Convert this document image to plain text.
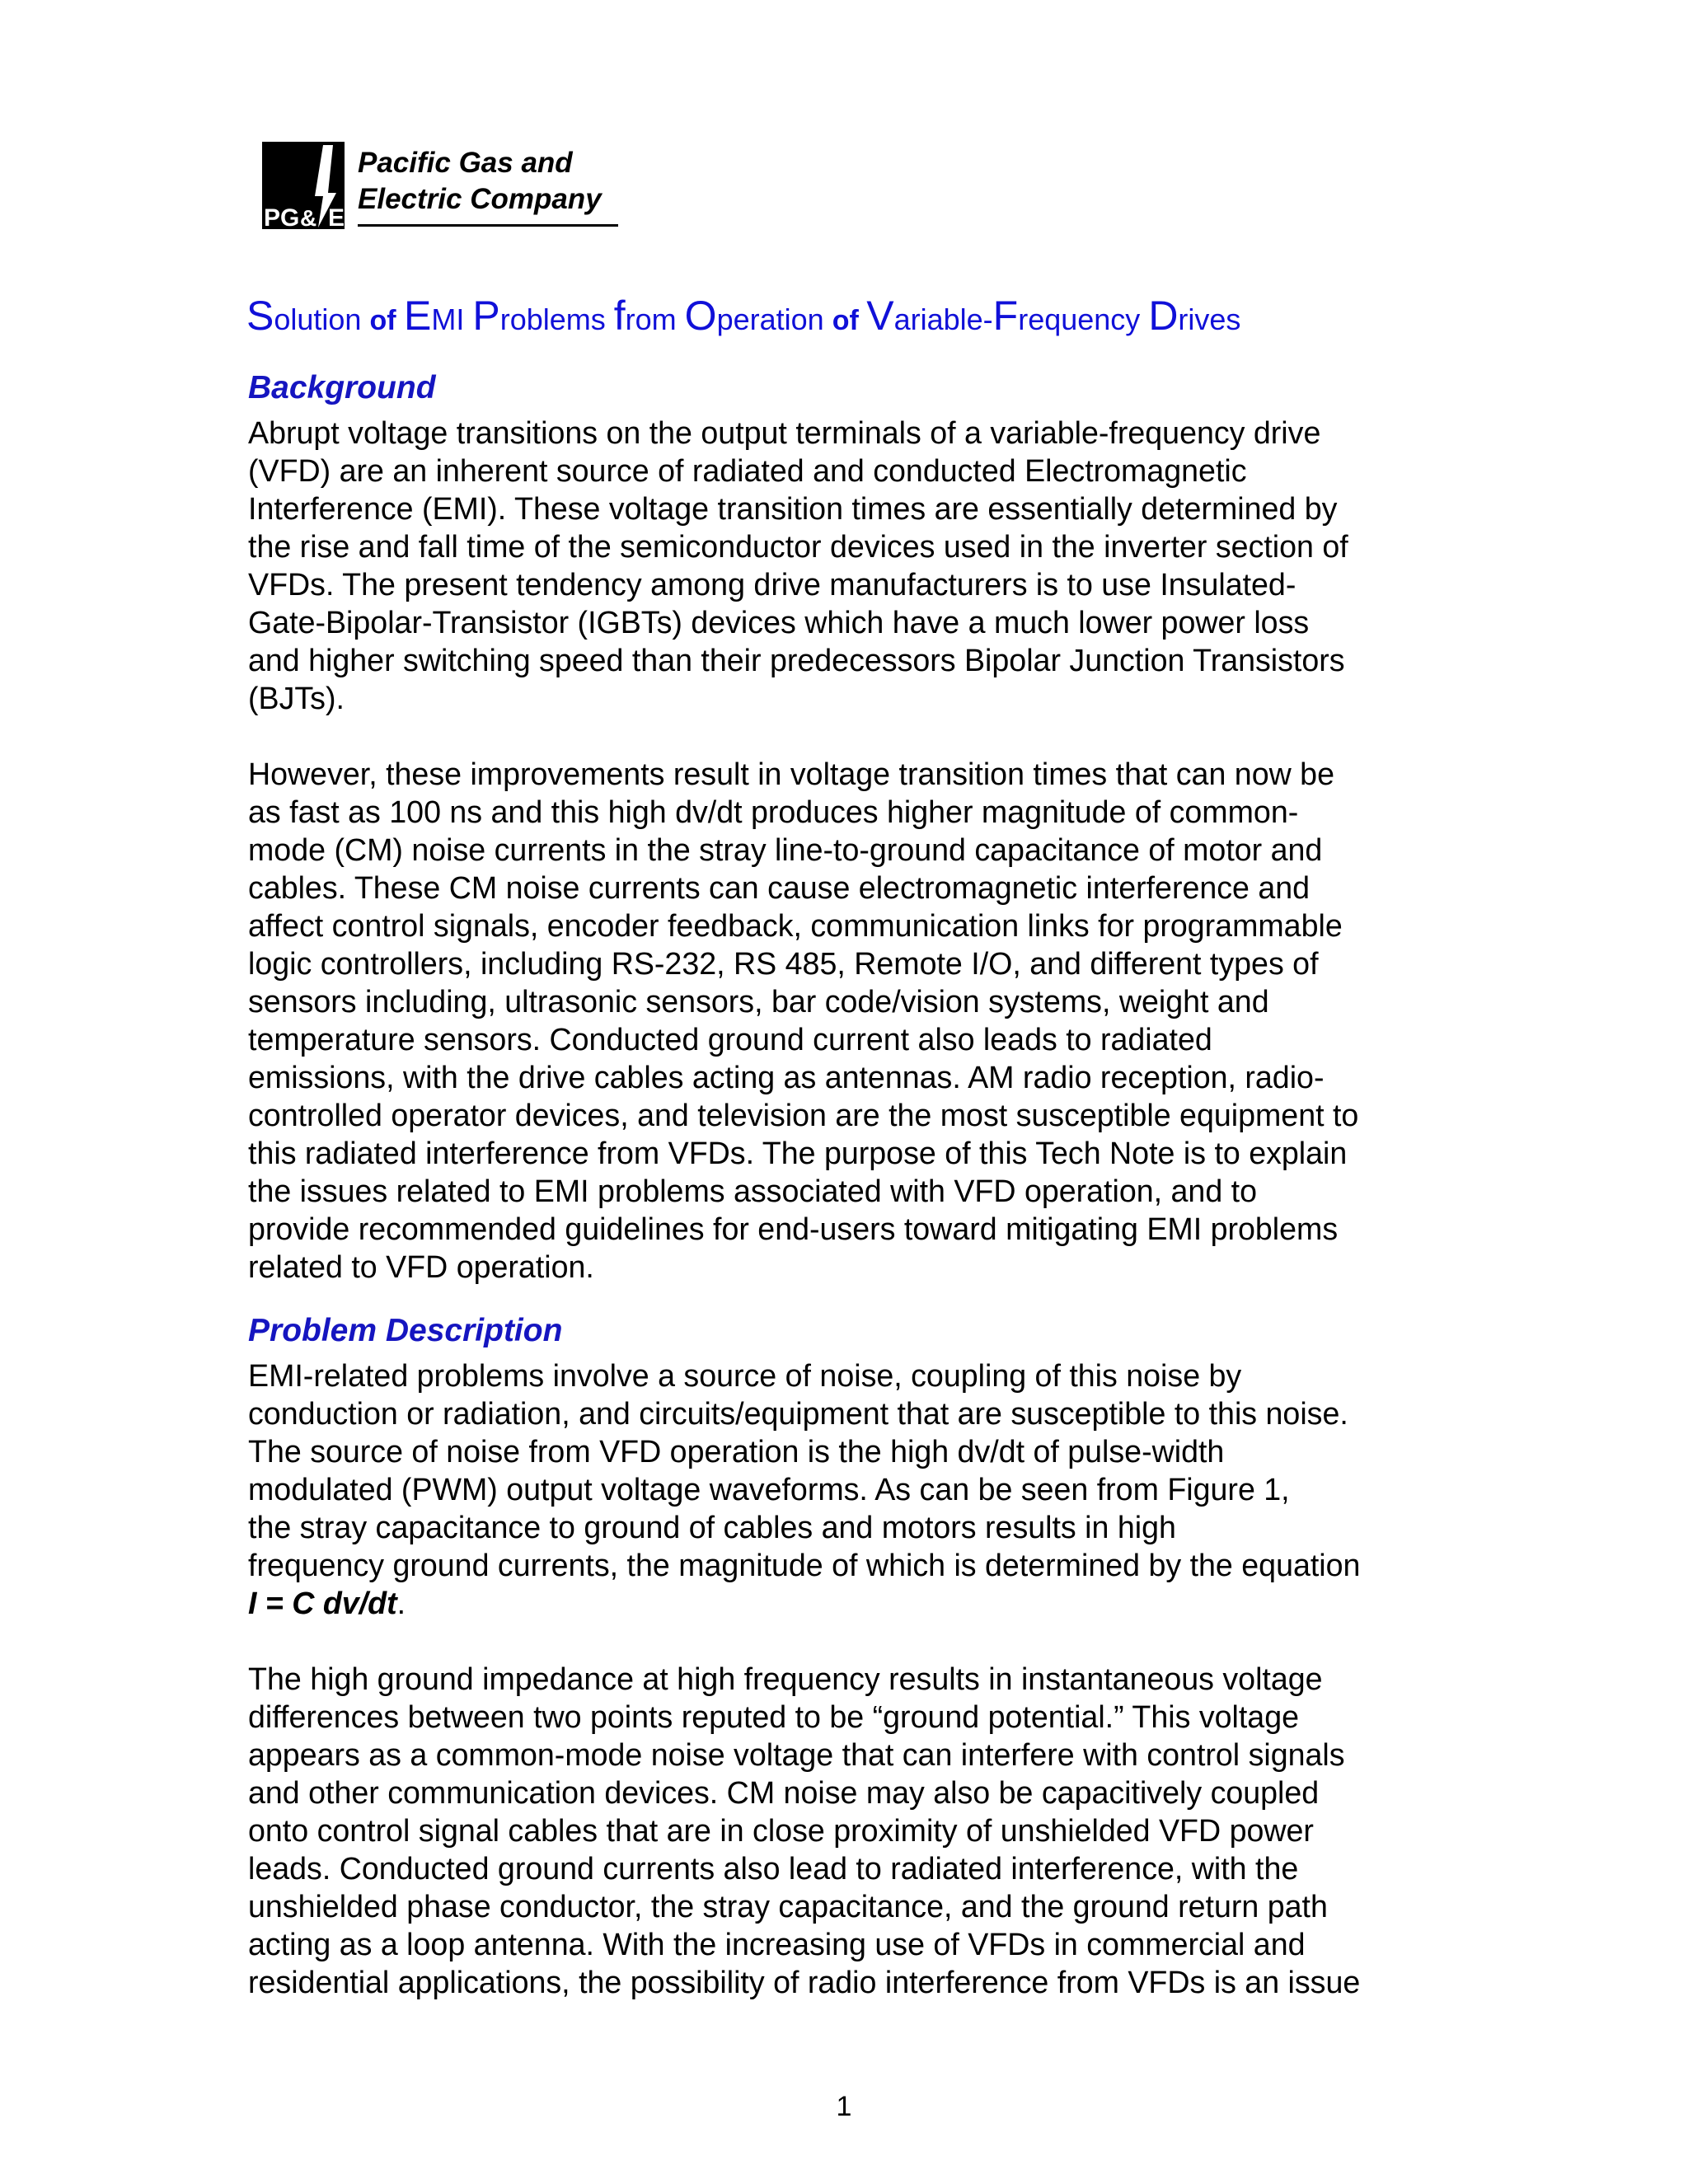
PG & E
Pacific Gas and
Electric Company
Solution of EMI Problems from Operation of Variable-Frequency Drives
Background
Abrupt voltage transitions on the output terminals of a variable-frequency drive
(VFD) are an inherent source of radiated and conducted Electromagnetic
Interference (EMI). These voltage transition times are essentially determined by
the rise and fall time of the semiconductor devices used in the inverter section of
VFDs. The present tendency among drive manufacturers is to use Insulated-
Gate-Bipolar-Transistor (IGBTs) devices which have a much lower power loss
and higher switching speed than their predecessors Bipolar Junction Transistors
(BJTs).
However, these improvements result in voltage transition times that can now be
as fast as 100 ns and this high dv/dt produces higher magnitude of common-
mode (CM) noise currents in the stray line-to-ground capacitance of motor and
cables. These CM noise currents can cause electromagnetic interference and
affect control signals, encoder feedback, communication links for programmable
logic controllers, including RS-232, RS 485, Remote I/O, and different types of
sensors including, ultrasonic sensors, bar code/vision systems, weight and
temperature sensors. Conducted ground current also leads to radiated
emissions, with the drive cables acting as antennas. AM radio reception, radio-
controlled operator devices, and television are the most susceptible equipment to
this radiated interference from VFDs. The purpose of this Tech Note is to explain
the issues related to EMI problems associated with VFD operation, and to
provide recommended guidelines for end-users toward mitigating EMI problems
related to VFD operation.
Problem Description
EMI-related problems involve a source of noise, coupling of this noise by
conduction or radiation, and circuits/equipment that are susceptible to this noise.
The source of noise from VFD operation is the high dv/dt of pulse-width
modulated (PWM) output voltage waveforms. As can be seen from Figure 1,
the stray capacitance to ground of cables and motors results in high
frequency ground currents, the magnitude of which is determined by the equation
I = C dv/dt.
The high ground impedance at high frequency results in instantaneous voltage
differences between two points reputed to be “ground potential.” This voltage
appears as a common-mode noise voltage that can interfere with control signals
and other communication devices. CM noise may also be capacitively coupled
onto control signal cables that are in close proximity of unshielded VFD power
leads. Conducted ground currents also lead to radiated interference, with the
unshielded phase conductor, the stray capacitance, and the ground return path
acting as a loop antenna. With the increasing use of VFDs in commercial and
residential applications, the possibility of radio interference from VFDs is an issue
1
